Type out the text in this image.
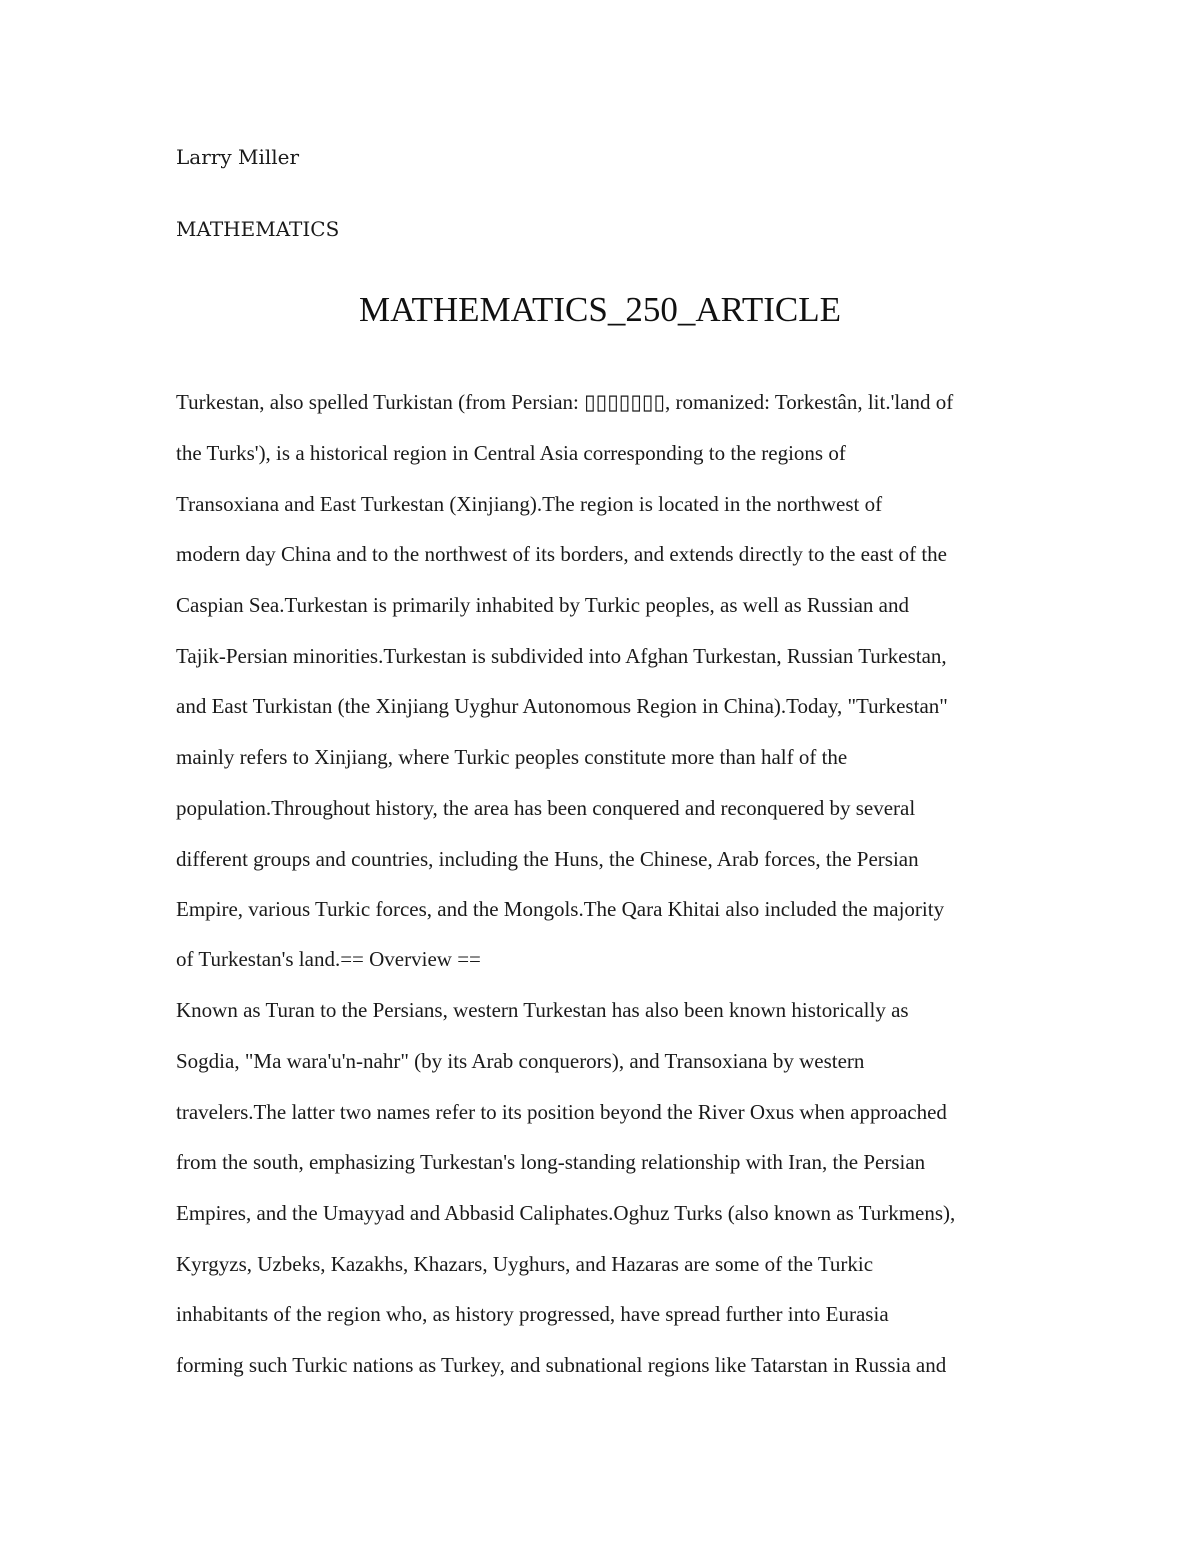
Larry Miller
MATHEMATICS
MATHEMATICS_250_ARTICLE
Turkestan, also spelled Turkistan (from Persian: ▯▯▯▯▯▯▯, romanized: Torkestân, lit.'land of
the Turks'), is a historical region in Central Asia corresponding to the regions of
Transoxiana and East Turkestan (Xinjiang).The region is located in the northwest of
modern day China and to the northwest of its borders, and extends directly to the east of the
Caspian Sea.Turkestan is primarily inhabited by Turkic peoples, as well as Russian and
Tajik-Persian minorities.Turkestan is subdivided into Afghan Turkestan, Russian Turkestan,
and East Turkistan (the Xinjiang Uyghur Autonomous Region in China).Today, "Turkestan"
mainly refers to Xinjiang, where Turkic peoples constitute more than half of the
population.Throughout history, the area has been conquered and reconquered by several
different groups and countries, including the Huns, the Chinese, Arab forces, the Persian
Empire, various Turkic forces, and the Mongols.The Qara Khitai also included the majority
of Turkestan's land.== Overview ==
Known as Turan to the Persians, western Turkestan has also been known historically as
Sogdia, "Ma wara'u'n-nahr" (by its Arab conquerors), and Transoxiana by western
travelers.The latter two names refer to its position beyond the River Oxus when approached
from the south, emphasizing Turkestan's long-standing relationship with Iran, the Persian
Empires, and the Umayyad and Abbasid Caliphates.Oghuz Turks (also known as Turkmens),
Kyrgyzs, Uzbeks, Kazakhs, Khazars, Uyghurs, and Hazaras are some of the Turkic
inhabitants of the region who, as history progressed, have spread further into Eurasia
forming such Turkic nations as Turkey, and subnational regions like Tatarstan in Russia and
